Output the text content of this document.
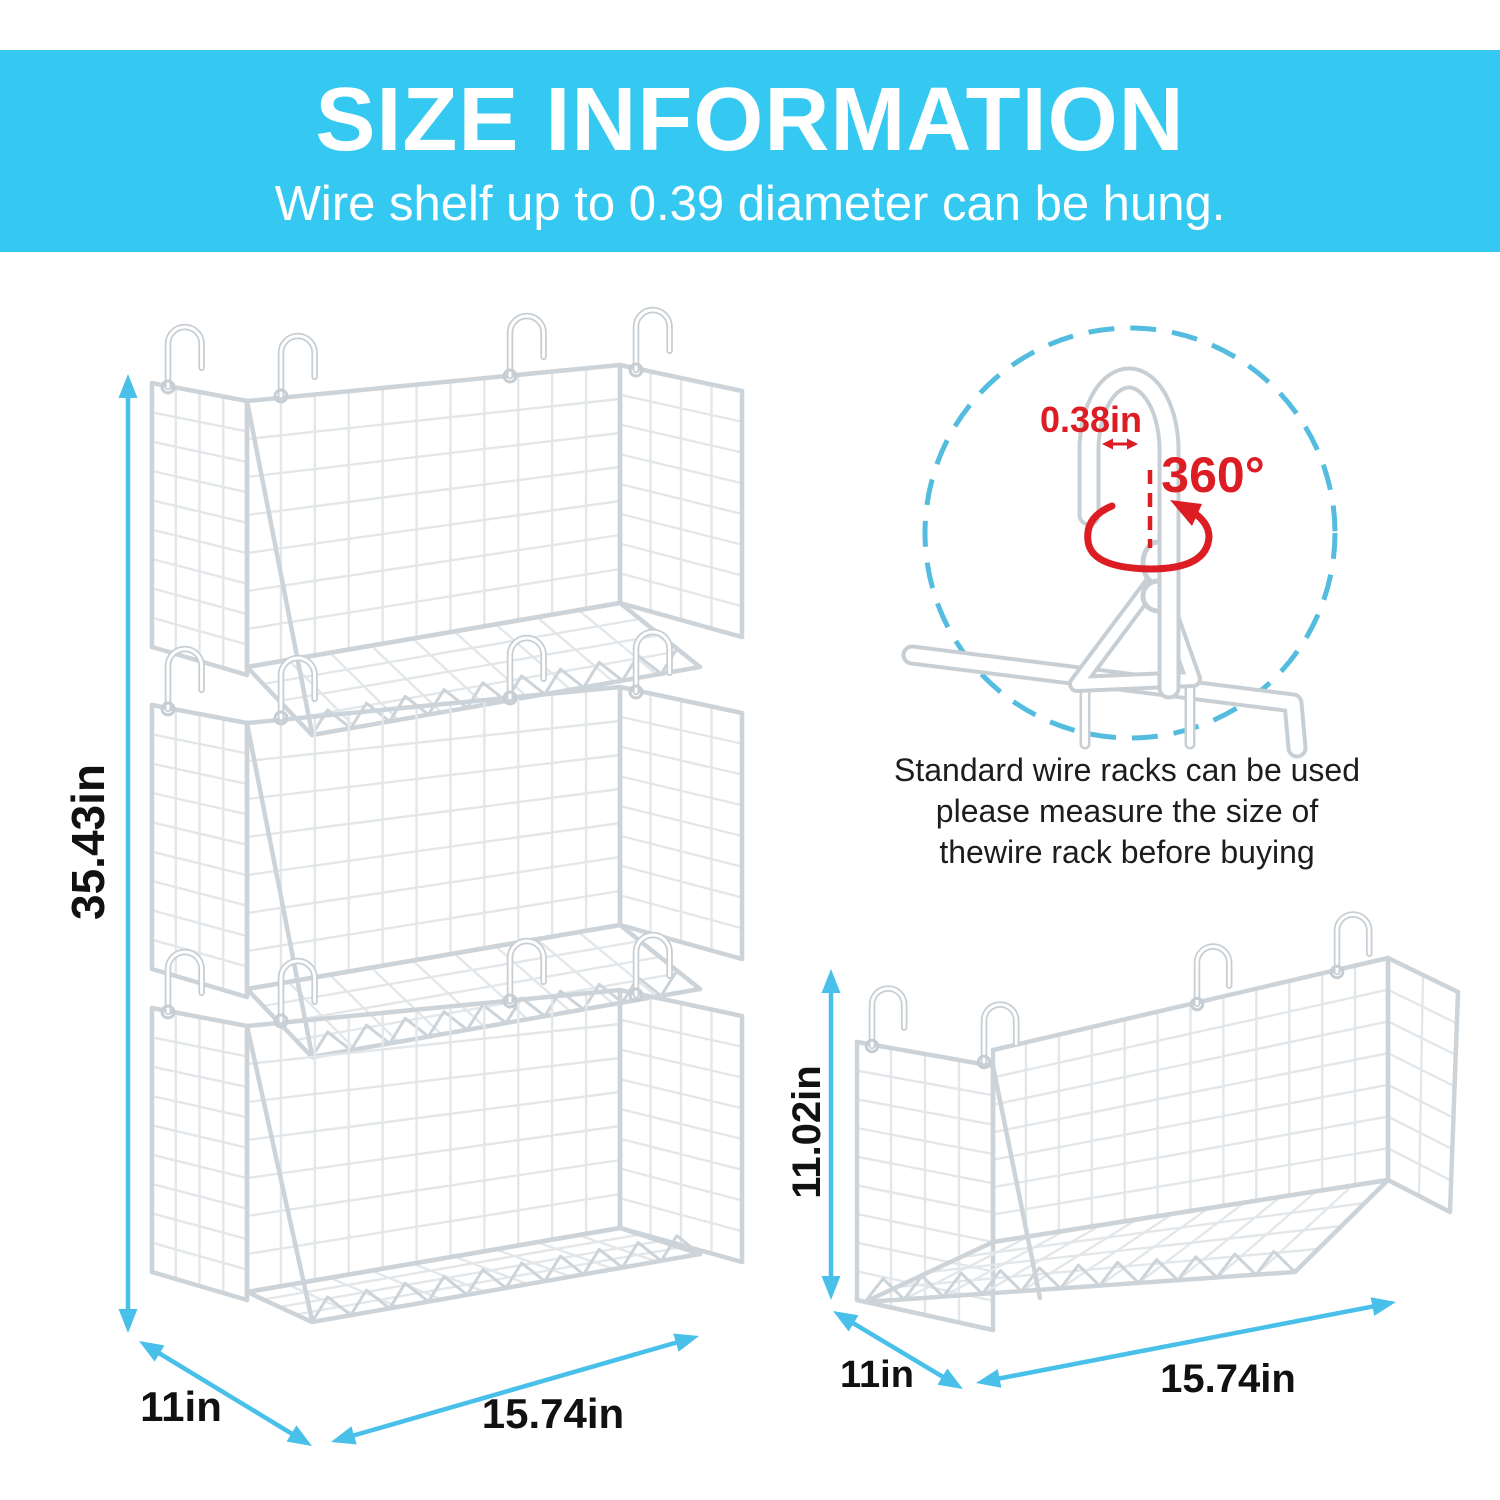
35.43in
11in	15.74in
11.02in
11in	15.74in
0.38in
360°
SIZE INFORMATION
Wire shelf up to 0.39 diameter can be hung.
Standard wire racks can be used
please measure the size of
thewire rack before buying
